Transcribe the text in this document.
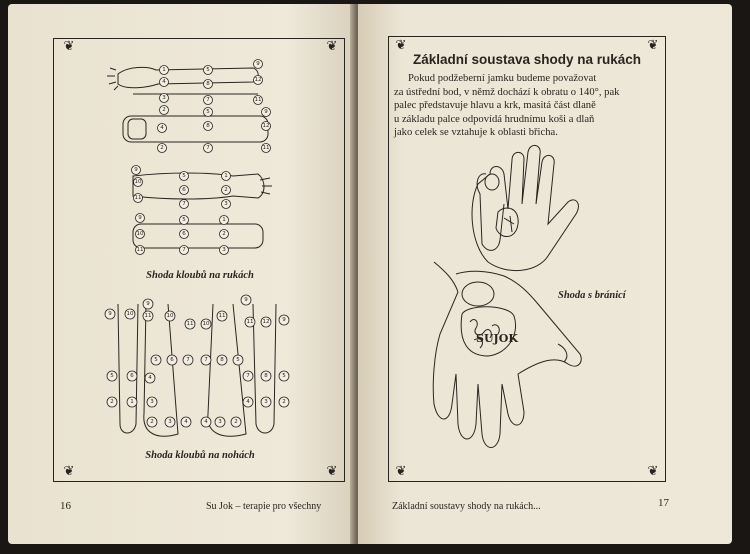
❦	❦
❦	❦
1
4
5
8
9
12
3	7	11
2	5	9
4	8	12
2	7	11
9
10
11
5
6
7
1
2
3
9
10
11
5
6
7
1
2
3
9	10
9
11	10
11 10
11
9
11 12 9
5 6 7	7 8 5
5	6	7	8	5
4
2	1	3	4	3	2
2	3 4	4 3 2
Shoda kloubů na rukách
Shoda kloubů na nohách
16	Su Jok – terapie pro všechny
❦	❦
❦	❦
Základní soustava shody na rukách
Pokud podžeberní jamku budeme považovat
za ústřední bod, v němž dochází k obratu o 140°, pak
palec představuje hlavu a krk, masitá část dlaně
u základu palce odpovídá hrudnímu koši a dlaň
jako celek se vztahuje k oblasti břicha.
SUJOK
Shoda s bránicí
Základní soustavy shody na rukách...	17
